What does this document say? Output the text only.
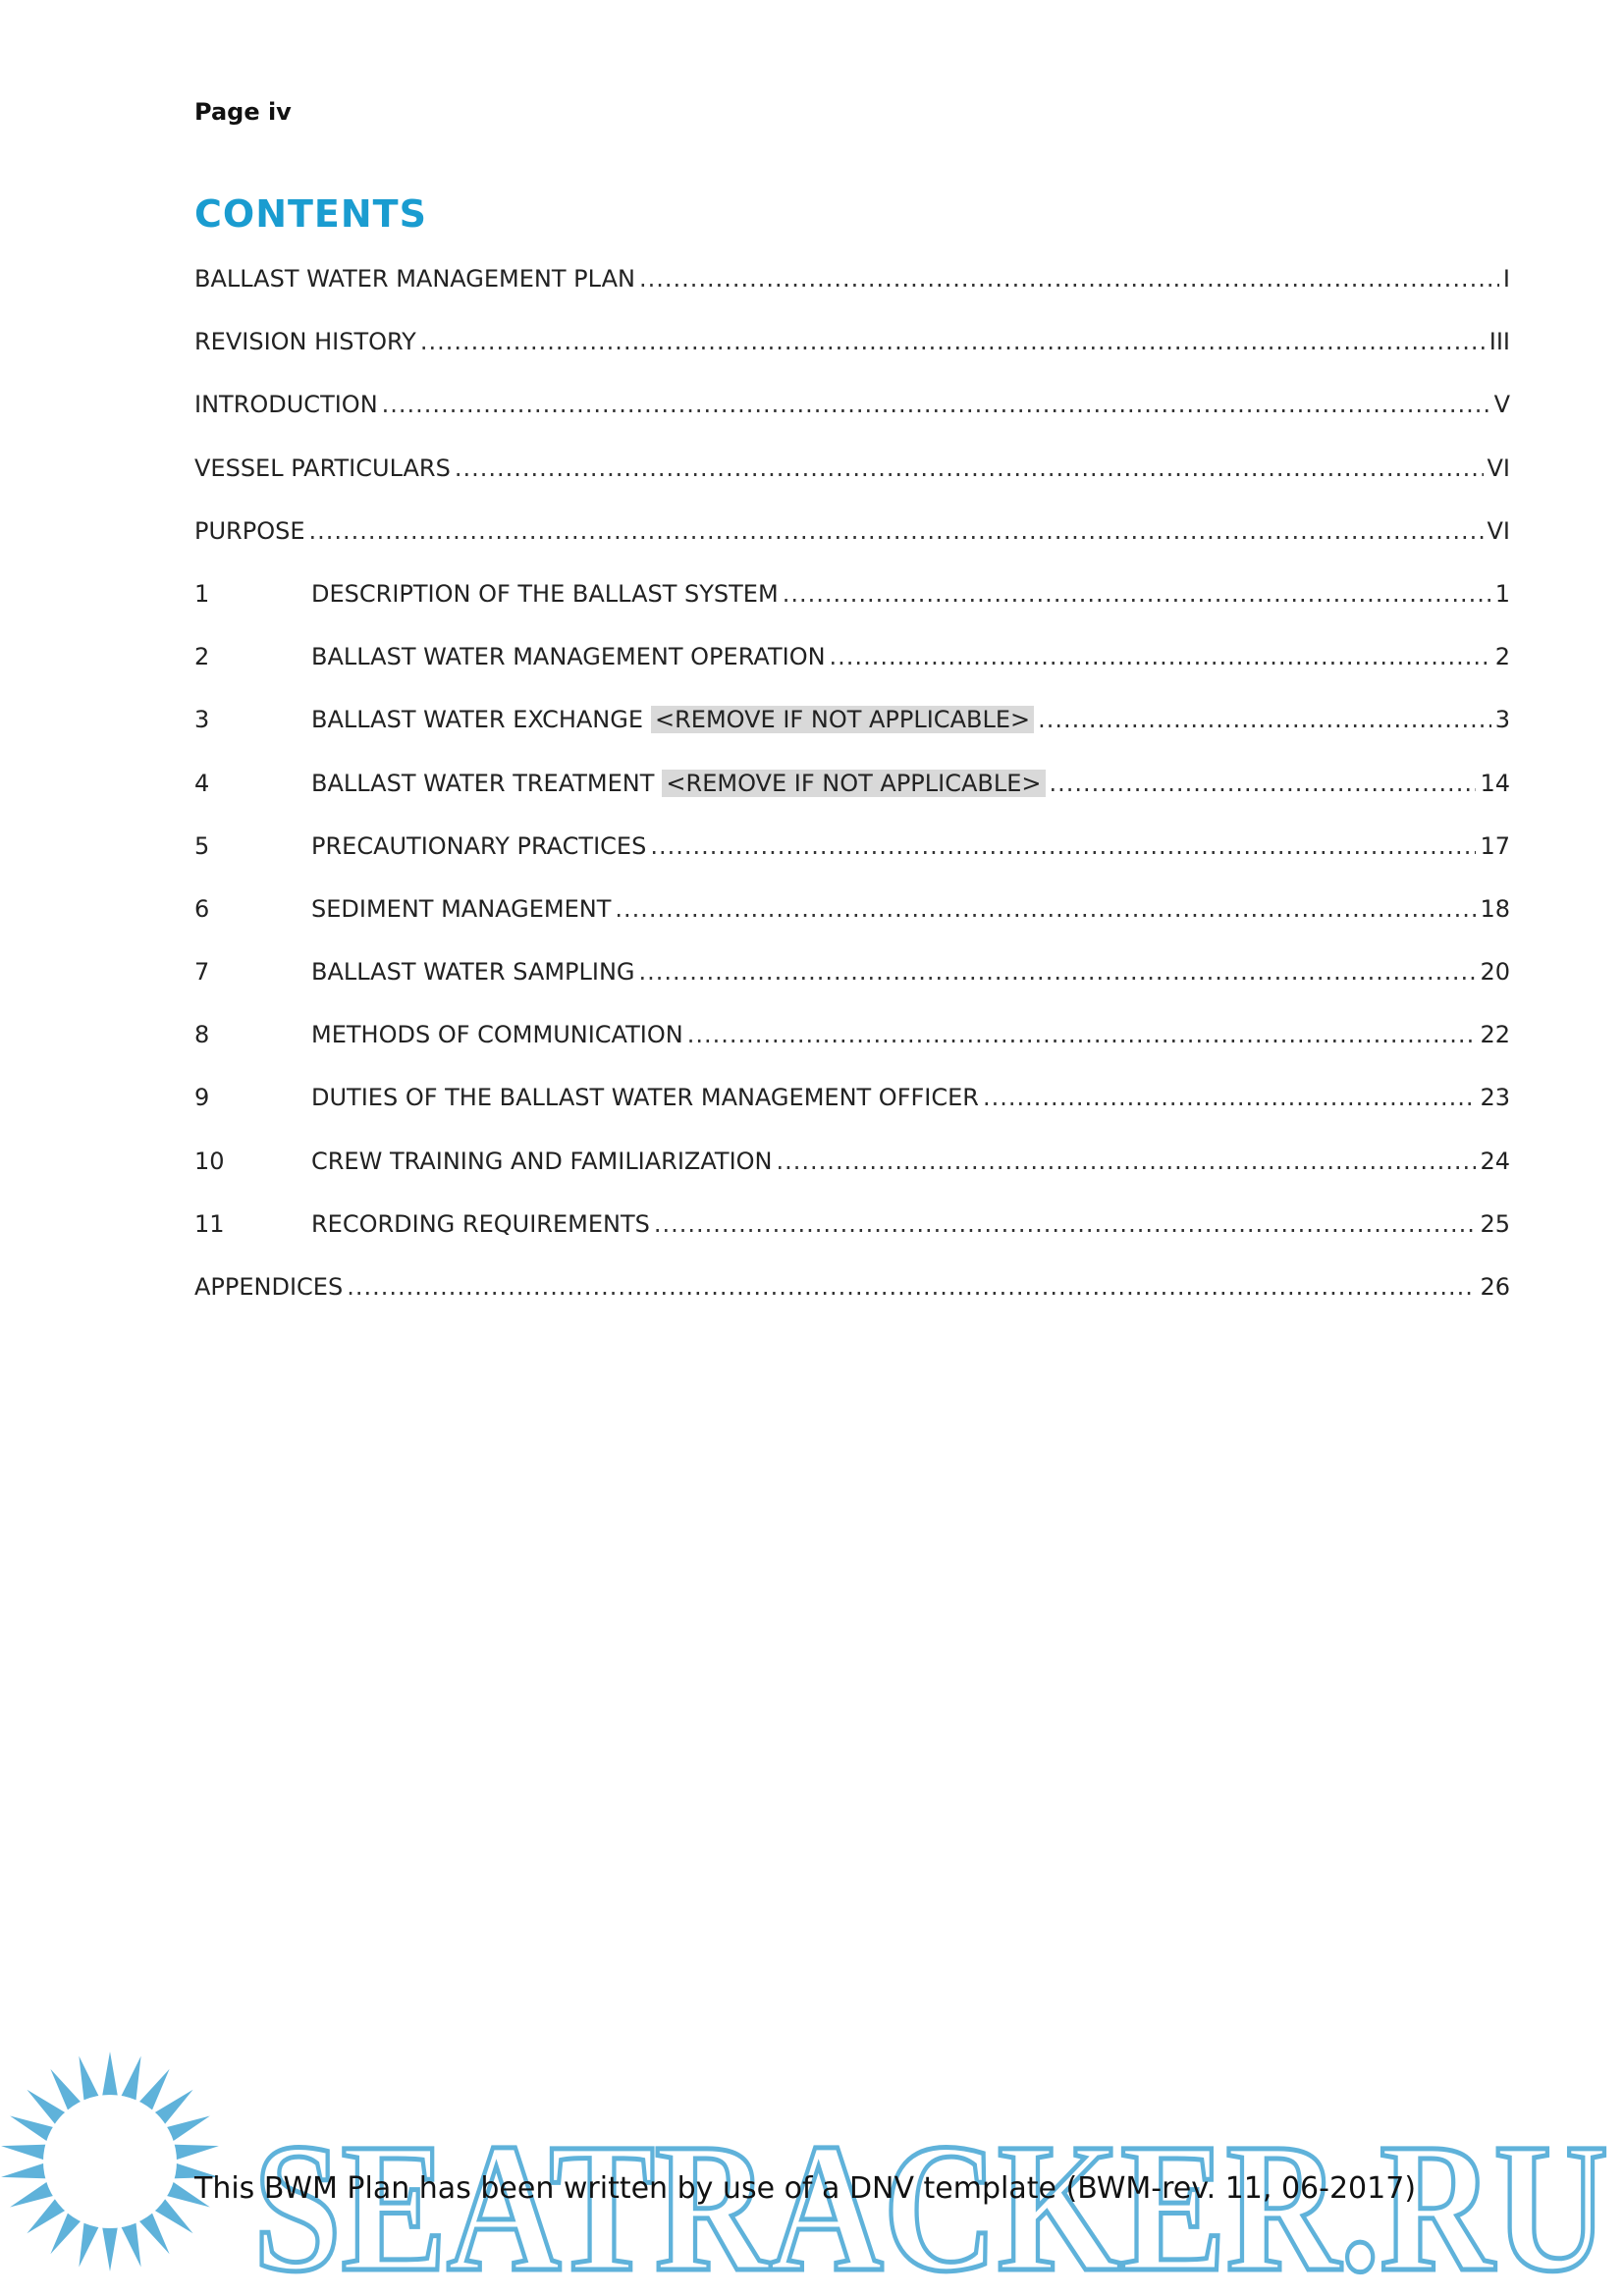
Page iv
CONTENTS
BALLAST WATER MANAGEMENT PLAN .....	I
REVISION HISTORY .....	III
INTRODUCTION .....	V
VESSEL PARTICULARS .....	VI
PURPOSE .....	VI
1	DESCRIPTION OF THE BALLAST SYSTEM .....	1
2	BALLAST WATER MANAGEMENT OPERATION .....	2
3	BALLAST WATER EXCHANGE <REMOVE IF NOT APPLICABLE> .....	3
4	BALLAST WATER TREATMENT <REMOVE IF NOT APPLICABLE> .....	14
5	PRECAUTIONARY PRACTICES .....	17
6	SEDIMENT MANAGEMENT .....	18
7	BALLAST WATER SAMPLING .....	20
8	METHODS OF COMMUNICATION .....	22
9	DUTIES OF THE BALLAST WATER MANAGEMENT OFFICER .....	23
10	CREW TRAINING AND FAMILIARIZATION .....	24
11	RECORDING REQUIREMENTS .....	25
APPENDICES .....	26
SEATRACKER.RU
This BWM Plan has been written by use of a DNV template (BWM-rev. 11, 06-2017)
